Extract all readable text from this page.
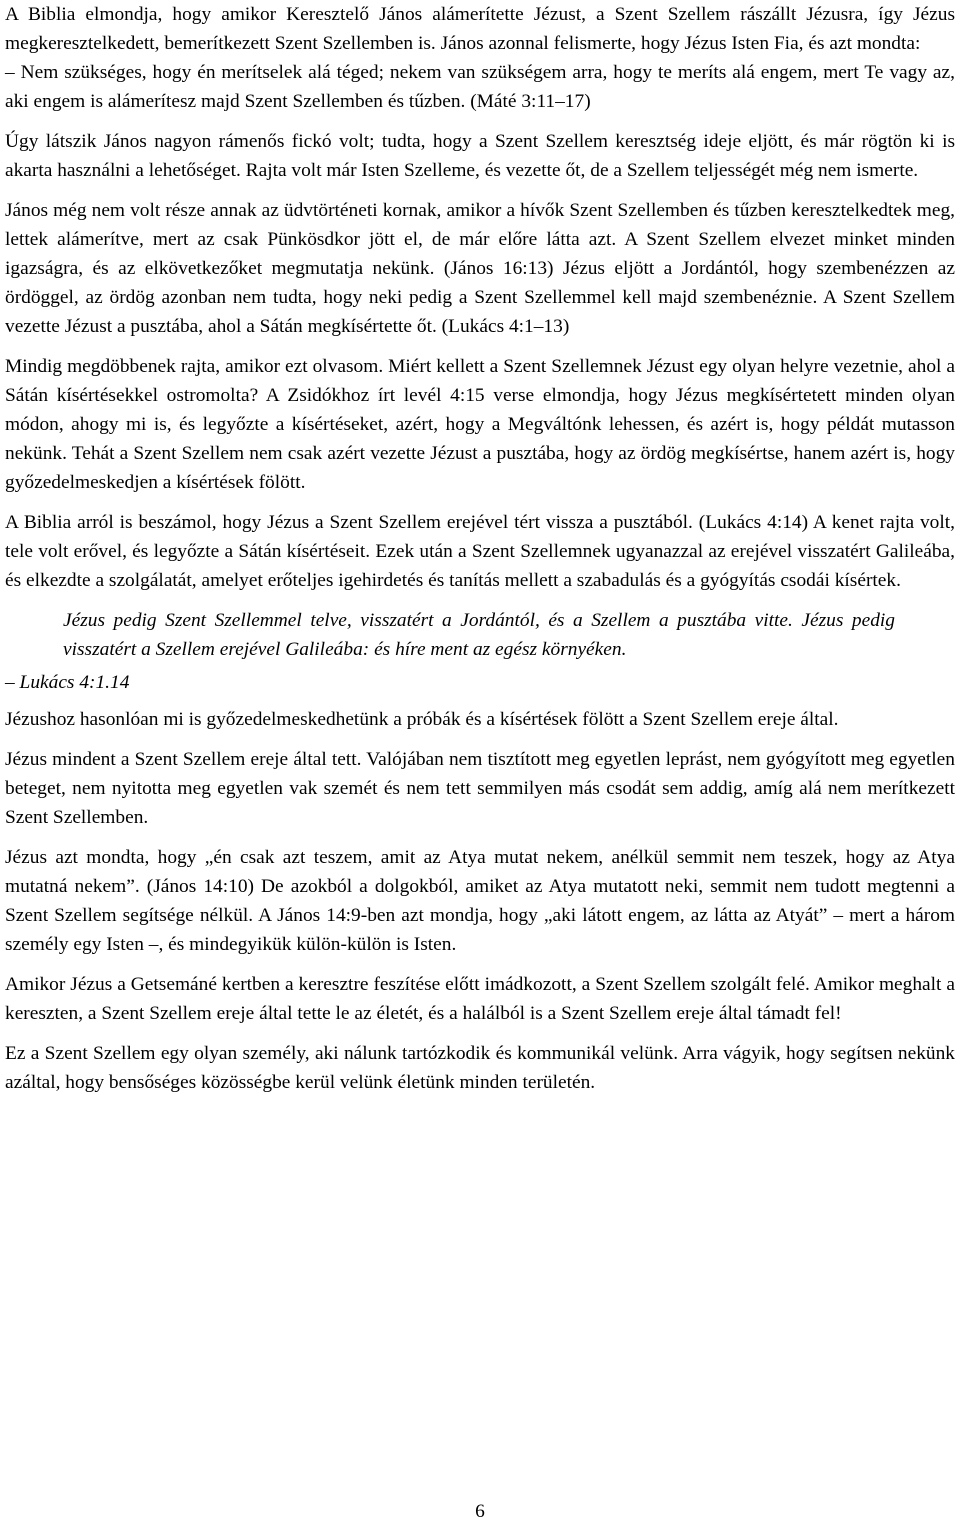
A Biblia elmondja, hogy amikor Keresztelő János alámerítette Jézust, a Szent Szellem rászállt Jézusra, így Jézus megkeresztelkedett, bemerítkezett Szent Szellemben is. János azonnal felismerte, hogy Jézus Isten Fia, és azt mondta:

– Nem szükséges, hogy én merítselek alá téged; nekem van szükségem arra, hogy te meríts alá engem, mert Te vagy az, aki engem is alámerítesz majd Szent Szellemben és tűzben. (Máté 3:11–17)

Úgy látszik János nagyon rámenős fickó volt; tudta, hogy a Szent Szellem keresztség ideje eljött, és már rögtön ki is akarta használni a lehetőséget. Rajta volt már Isten Szelleme, és vezette őt, de a Szellem teljességét még nem ismerte.

János még nem volt része annak az üdvtörténeti kornak, amikor a hívők Szent Szellemben és tűzben keresztelkedtek meg, lettek alámerítve, mert az csak Pünkösdkor jött el, de már előre látta azt. A Szent Szellem elvezet minket minden igazságra, és az elkövetkezőket megmutatja nekünk. (János 16:13) Jézus eljött a Jordántól, hogy szembenézzen az ördöggel, az ördög azonban nem tudta, hogy neki pedig a Szent Szellemmel kell majd szembenéznie. A Szent Szellem vezette Jézust a pusztába, ahol a Sátán megkísértette őt. (Lukács 4:1–13)

Mindig megdöbbenek rajta, amikor ezt olvasom. Miért kellett a Szent Szellemnek Jézust egy olyan helyre vezetnie, ahol a Sátán kísértésekkel ostromolta? A Zsidókhoz írt levél 4:15 verse elmondja, hogy Jézus megkísértetett minden olyan módon, ahogy mi is, és legyőzte a kísértéseket, azért, hogy a Megváltónk lehessen, és azért is, hogy példát mutasson nekünk. Tehát a Szent Szellem nem csak azért vezette Jézust a pusztába, hogy az ördög megkísértse, hanem azért is, hogy győzedelmeskedjen a kísértések fölött.

A Biblia arról is beszámol, hogy Jézus a Szent Szellem erejével tért vissza a pusztából. (Lukács 4:14) A kenet rajta volt, tele volt erővel, és legyőzte a Sátán kísértéseit. Ezek után a Szent Szellemnek ugyanazzal az erejével visszatért Galileába, és elkezdte a szolgálatát, amelyet erőteljes igehirdetés és tanítás mellett a szabadulás és a gyógyítás csodái kísértek.

Jézus pedig Szent Szellemmel telve, visszatért a Jordántól, és a Szellem a pusztába vitte. Jézus pedig visszatért a Szellem erejével Galileába: és híre ment az egész környéken.

– Lukács 4:1.14

Jézushoz hasonlóan mi is győzedelmeskedhetünk a próbák és a kísértések fölött a Szent Szellem ereje által.

Jézus mindent a Szent Szellem ereje által tett. Valójában nem tisztított meg egyetlen leprást, nem gyógyított meg egyetlen beteget, nem nyitotta meg egyetlen vak szemét és nem tett semmilyen más csodát sem addig, amíg alá nem merítkezett Szent Szellemben.

Jézus azt mondta, hogy „én csak azt teszem, amit az Atya mutat nekem, anélkül semmit nem teszek, hogy az Atya mutatná nekem”. (János 14:10) De azokból a dolgokból, amiket az Atya mutatott neki, semmit nem tudott megtenni a Szent Szellem segítsége nélkül. A János 14:9-ben azt mondja, hogy „aki látott engem, az látta az Atyát” – mert a három személy egy Isten –, és mindegyikük külön-külön is Isten.

Amikor Jézus a Getsemáné kertben a keresztre feszítése előtt imádkozott, a Szent Szellem szolgált felé. Amikor meghalt a kereszten, a Szent Szellem ereje által tette le az életét, és a halálból is a Szent Szellem ereje által támadt fel!

Ez a Szent Szellem egy olyan személy, aki nálunk tartózkodik és kommunikál velünk. Arra vágyik, hogy segítsen nekünk azáltal, hogy bensőséges közösségbe kerül velünk életünk minden területén.

6
